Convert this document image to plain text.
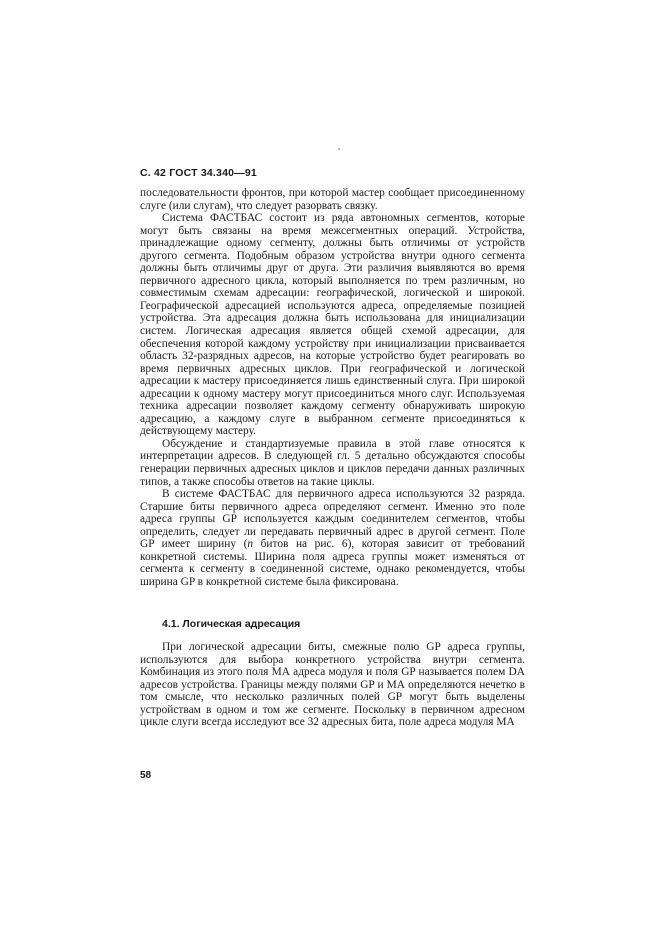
С. 42 ГОСТ 34.340—91

последовательности фронтов, при которой мастер сообщает присоединенному слуге (или слугам), что следует разорвать связку.

Система ФАСТБАС состоит из ряда автономных сегментов, которые могут быть связаны на время межсегментных операций. Устройства, принадлежащие одному сегменту, должны быть отличимы от устройств другого сегмента. Подобным образом устройства внутри одного сегмента должны быть отличимы друг от друга. Эти различия выявляются во время первичного адресного цикла, который выполняется по трем различным, но совместимым схемам адресации: географической, логической и широкой. Географической адресацией используются адреса, определяемые позицией устройства. Эта адресация должна быть использована для инициализации систем. Логическая адресация является общей схемой адресации, для обеспечения которой каждому устройству при инициализации присваивается область 32-разрядных адресов, на которые устройство будет реагировать во время первичных адресных циклов. При географической и логической адресации к мастеру присоединяется лишь единственный слуга. При широкой адресации к одному мастеру могут присоединиться много слуг. Используемая техника адресации позволяет каждому сегменту обнаруживать широкую адресацию, а каждому слуге в выбранном сегменте присоединяться к действующему мастеру.

Обсуждение и стандартизуемые правила в этой главе относятся к интерпретации адресов. В следующей гл. 5 детально обсуждаются способы генерации первичных адресных циклов и циклов передачи данных различных типов, а также способы ответов на такие циклы.

В системе ФАСТБАС для первичного адреса используются 32 разряда. Старшие биты первичного адреса определяют сегмент. Именно это поле адреса группы GP используется каждым соединителем сегментов, чтобы определить, следует ли передавать первичный адрес в другой сегмент. Поле GP имеет ширину (n битов на рис. 6), которая зависит от требований конкретной системы. Ширина поля адреса группы может изменяться от сегмента к сегменту в соединенной системе, однако рекомендуется, чтобы ширина GP в конкретной системе была фиксирована.

4.1. Логическая адресация

При логической адресации биты, смежные полю GP адреса группы, используются для выбора конкретного устройства внутри сегмента. Комбинация из этого поля МА адреса модуля и поля GP называется полем DA адресов устройства. Границы между полями GP и МА определяются нечетко в том смысле, что несколько различных полей GP могут быть выделены устройствам в одном и том же сегменте. Поскольку в первичном адресном цикле слуги всегда исследуют все 32 адресных бита, поле адреса модуля МА

58
